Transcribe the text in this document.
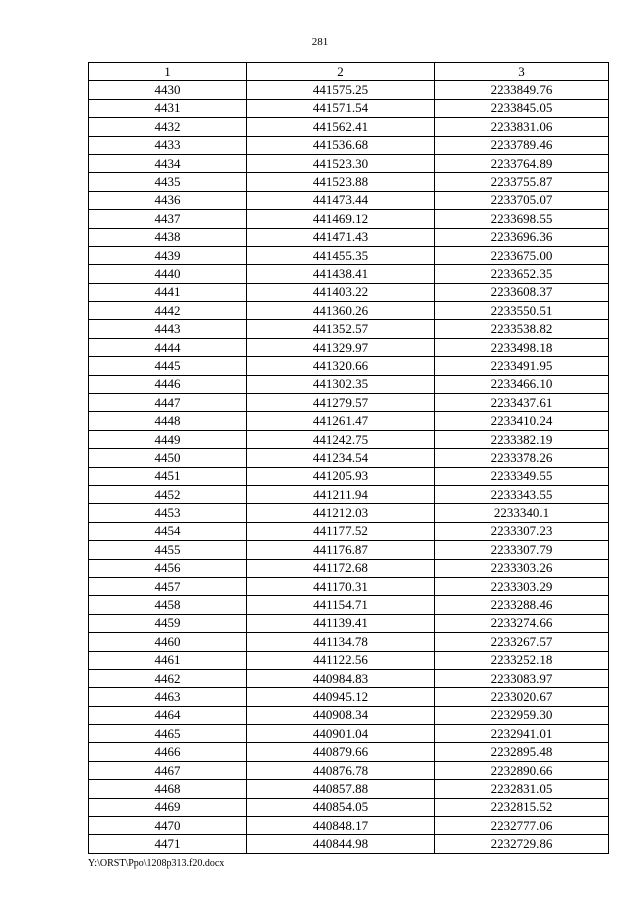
281
1	2	3
4430	441575.25	2233849.76
4431	441571.54	2233845.05
4432	441562.41	2233831.06
4433	441536.68	2233789.46
4434	441523.30	2233764.89
4435	441523.88	2233755.87
4436	441473.44	2233705.07
4437	441469.12	2233698.55
4438	441471.43	2233696.36
4439	441455.35	2233675.00
4440	441438.41	2233652.35
4441	441403.22	2233608.37
4442	441360.26	2233550.51
4443	441352.57	2233538.82
4444	441329.97	2233498.18
4445	441320.66	2233491.95
4446	441302.35	2233466.10
4447	441279.57	2233437.61
4448	441261.47	2233410.24
4449	441242.75	2233382.19
4450	441234.54	2233378.26
4451	441205.93	2233349.55
4452	441211.94	2233343.55
4453	441212.03	2233340.1
4454	441177.52	2233307.23
4455	441176.87	2233307.79
4456	441172.68	2233303.26
4457	441170.31	2233303.29
4458	441154.71	2233288.46
4459	441139.41	2233274.66
4460	441134.78	2233267.57
4461	441122.56	2233252.18
4462	440984.83	2233083.97
4463	440945.12	2233020.67
4464	440908.34	2232959.30
4465	440901.04	2232941.01
4466	440879.66	2232895.48
4467	440876.78	2232890.66
4468	440857.88	2232831.05
4469	440854.05	2232815.52
4470	440848.17	2232777.06
4471	440844.98	2232729.86
Y:\ORST\Ppo\1208p313.f20.docx
